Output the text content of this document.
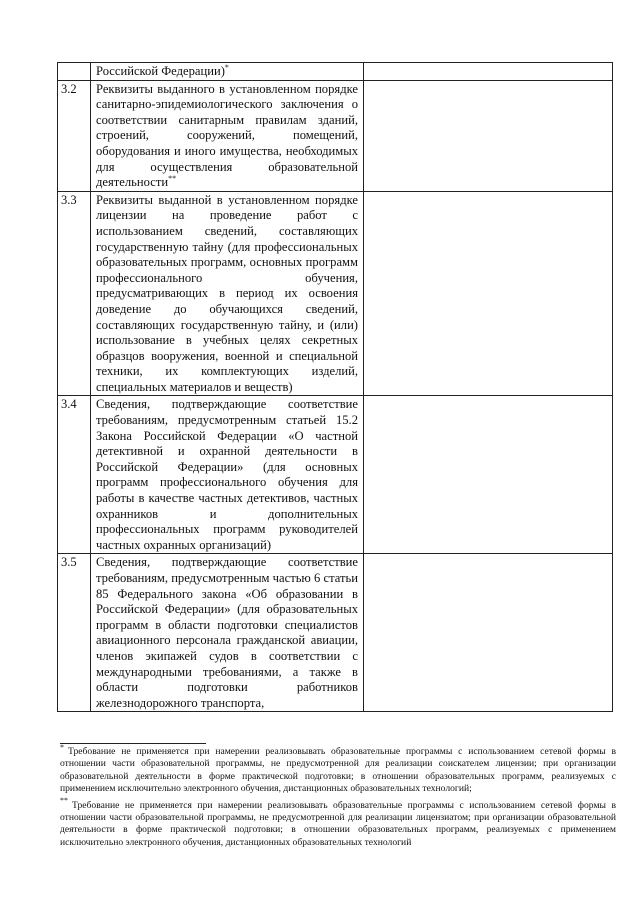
	Российской Федерации)*	
3.2	Реквизиты выданного в установленном порядке санитарно-эпидемиологического заключения о соответствии санитарным правилам зданий, строений, сооружений, помещений, оборудования и иного имущества, необходимых для осуществления образовательной деятельности**	
3.3	Реквизиты выданной в установленном порядке лицензии на проведение работ с использованием сведений, составляющих государственную тайну (для профессиональных образовательных программ, основных программ профессионального обучения, предусматривающих в период их освоения доведение до обучающихся сведений, составляющих государственную тайну, и (или) использование в учебных целях секретных образцов вооружения, военной и специальной техники, их комплектующих изделий, специальных материалов и веществ)	
3.4	Сведения, подтверждающие соответствие требованиям, предусмотренным статьей 15.2 Закона Российской Федерации «О частной детективной и охранной деятельности в Российской Федерации» (для основных программ профессионального обучения для работы в качестве частных детективов, частных охранников и дополнительных профессиональных программ руководителей частных охранных организаций)	
3.5	Сведения, подтверждающие соответствие требованиям, предусмотренным частью 6 статьи 85 Федерального закона «Об образовании в Российской Федерации» (для образовательных программ в области подготовки специалистов авиационного персонала гражданской авиации, членов экипажей судов в соответствии с международными требованиями, а также в области подготовки работников железнодорожного транспорта,	

* Требование не применяется при намерении реализовывать образовательные программы с использованием сетевой формы в отношении части образовательной программы, не предусмотренной для реализации соискателем лицензии; при организации образовательной деятельности в форме практической подготовки; в отношении образовательных программ, реализуемых с применением исключительно электронного обучения, дистанционных образовательных технологий;

** Требование не применяется при намерении реализовывать образовательные программы с использованием сетевой формы в отношении части образовательной программы, не предусмотренной для реализации лицензиатом; при организации образовательной деятельности в форме практической подготовки; в отношении образовательных программ, реализуемых с применением исключительно электронного обучения, дистанционных образовательных технологий
